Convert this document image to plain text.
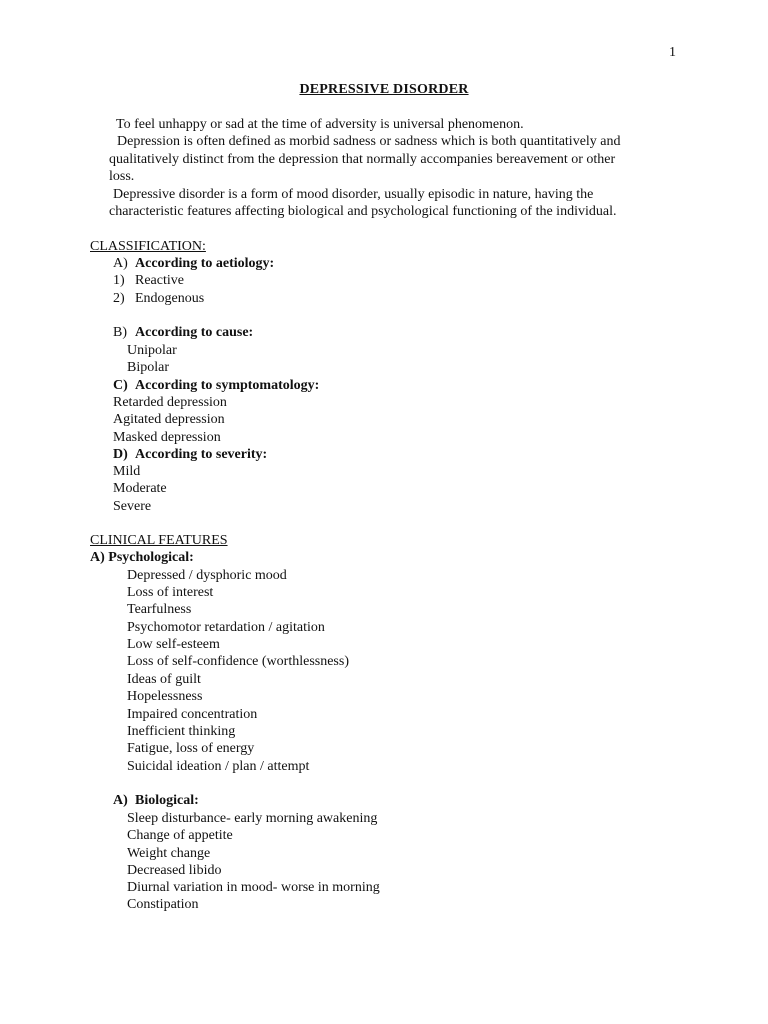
1
DEPRESSIVE DISORDER
To feel unhappy or sad at the time of adversity is universal phenomenon.
Depression is often defined as morbid sadness or sadness which is both quantitatively and
qualitatively distinct from the depression that normally accompanies bereavement or other
loss.
Depressive disorder is a form of mood disorder, usually episodic in nature, having the
characteristic features affecting biological and psychological functioning of the individual.
CLASSIFICATION:
A) According to aetiology:
1) Reactive
2) Endogenous
B) According to cause:
Unipolar
Bipolar
C) According to symptomatology:
Retarded depression
Agitated depression
Masked depression
D) According to severity:
Mild
Moderate
Severe
CLINICAL FEATURES
A) Psychological:
Depressed / dysphoric mood
Loss of interest
Tearfulness
Psychomotor retardation / agitation
Low self-esteem
Loss of self-confidence (worthlessness)
Ideas of guilt
Hopelessness
Impaired concentration
Inefficient thinking
Fatigue, loss of energy
Suicidal ideation / plan / attempt
A) Biological:
Sleep disturbance- early morning awakening
Change of appetite
Weight change
Decreased libido
Diurnal variation in mood- worse in morning
Constipation
